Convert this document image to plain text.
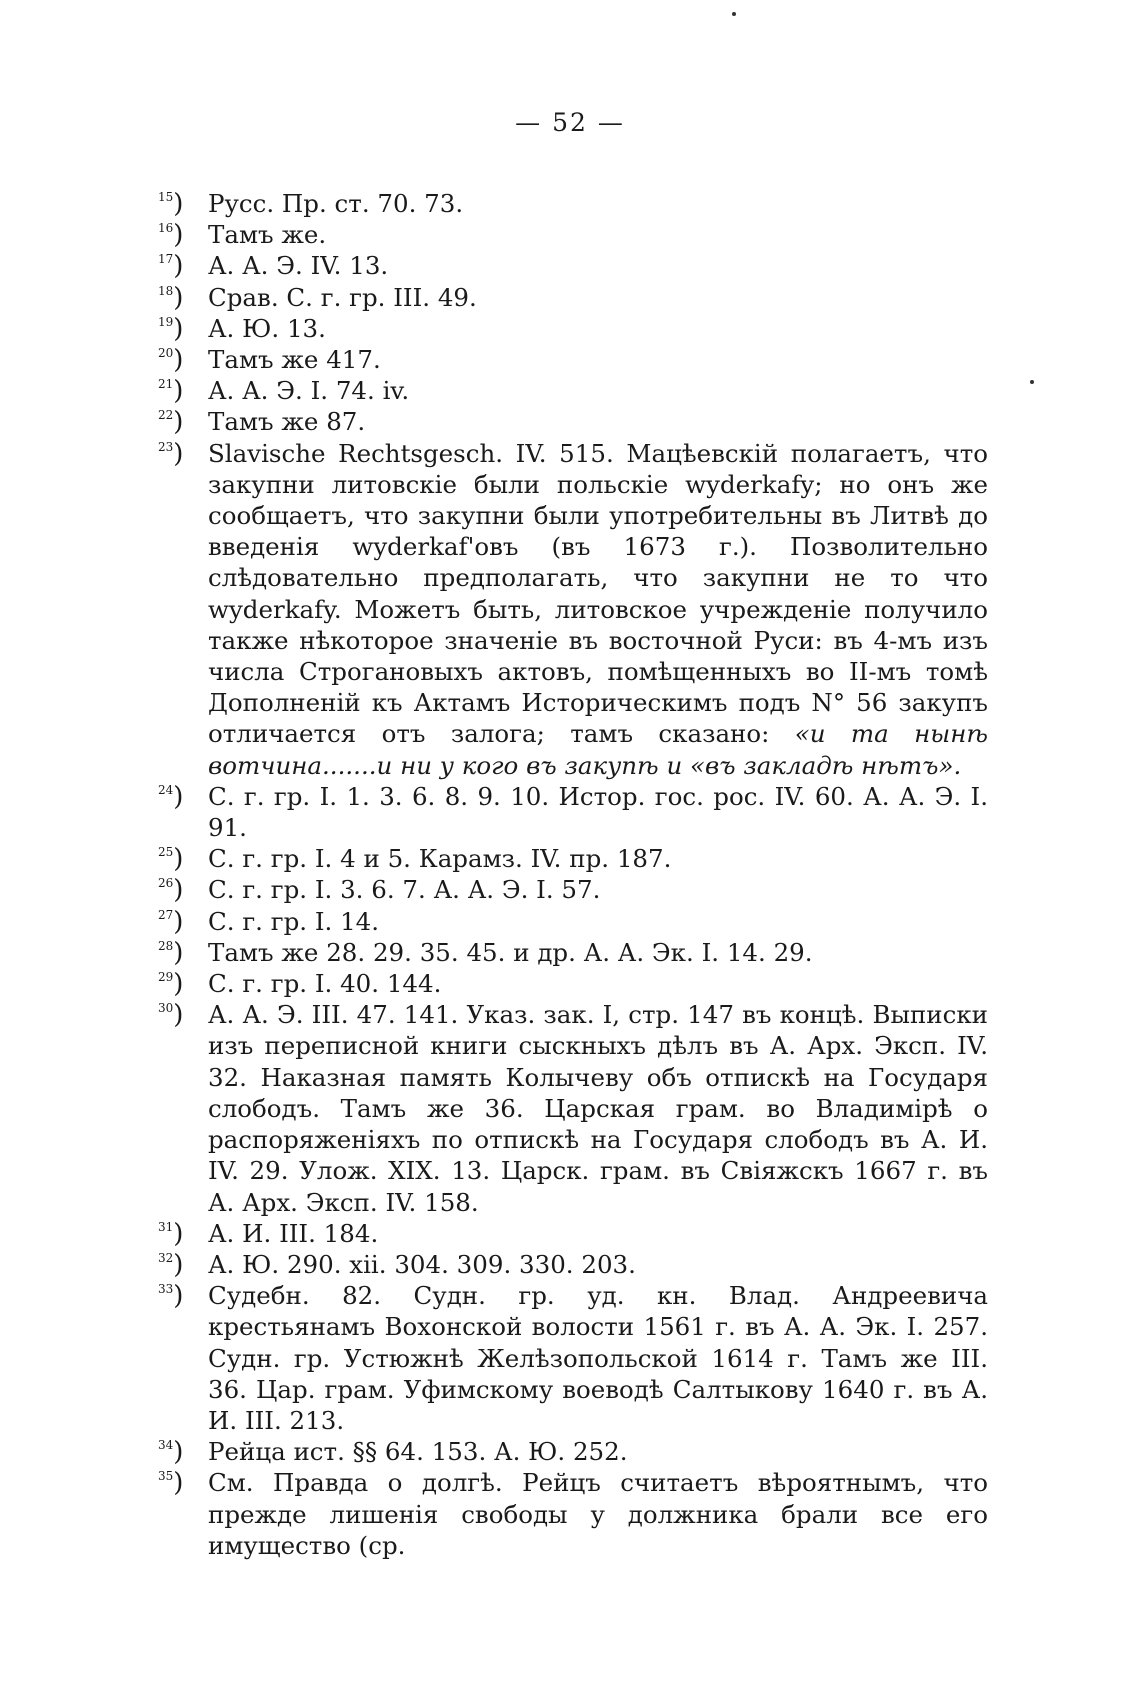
— 52 —
$^{15}$) Русс. Пр. ст. 70. 73.
$^{16}$) Тамъ же.
$^{17}$) А. А. Э. IV. 13.
$^{18}$) Срав. С. г. гр. III. 49.
$^{19}$) А. Ю. 13.
$^{20}$) Тамъ же 417.
$^{21}$) А. А. Э. I. 74. iv.
$^{22}$) Тамъ же 87.
$^{23}$) Slavische Rechtsgesch. IV. 515. Мацѣевскій полагаетъ, что закупни литовскіе были польскіе wyderkafy; но онъ же сообщаетъ, что закупни были употребительны въ Литвѣ до введенія wyderkaf'овъ (въ 1673 г.). Позволительно слѣдовательно предполагать, что закупни не то что wyderkafy. Можетъ быть, литовское учрежденіе получило также нѣкоторое значеніе въ восточной Руси: въ 4-мъ изъ числа Строгановыхъ актовъ, помѣщенныхъ во II-мъ томѣ Дополненій къ Актамъ Историческимъ подъ N° 56 закупъ отличается отъ залога; тамъ сказано: «и та нынѣ вотчина.......и ни у кого въ закупѣ и «въ закладѣ нѣтъ».
$^{24}$) С. г. гр. I. 1. 3. 6. 8. 9. 10. Истор. гос. рос. IV. 60. А. А. Э. I. 91.
$^{25}$) С. г. гр. I. 4 и 5. Карамз. IV. пр. 187.
$^{26}$) С. г. гр. I. 3. 6. 7. А. А. Э. I. 57.
$^{27}$) С. г. гр. I. 14.
$^{28}$) Тамъ же 28. 29. 35. 45. и др. А. А. Эк. I. 14. 29.
$^{29}$) С. г. гр. I. 40. 144.
$^{30}$) А. А. Э. III. 47. 141. Указ. зак. I, стр. 147 въ концѣ. Выписки изъ переписной книги сыскныхъ дѣлъ въ А. Арх. Эксп. IV. 32. Наказная память Колычеву объ отпискѣ на Государя слободъ. Тамъ же 36. Царская грам. во Владимірѣ о распоряженіяхъ по отпискѣ на Государя слободъ въ А. И. IV. 29. Улож. XIX. 13. Царск. грам. въ Свіяжскъ 1667 г. въ А. Арх. Эксп. IV. 158.
$^{31}$) А. И. III. 184.
$^{32}$) А. Ю. 290. xii. 304. 309. 330. 203.
$^{33}$) Судебн. 82. Судн. гр. уд. кн. Влад. Андреевича крестьянамъ Вохонской волости 1561 г. въ А. А. Эк. I. 257. Судн. гр. Устюжнѣ Желѣзопольской 1614 г. Тамъ же III. 36. Цар. грам. Уфимскому воеводѣ Салтыкову 1640 г. въ А. И. III. 213.
$^{34}$) Рейца ист. §§ 64. 153. А. Ю. 252.
$^{35}$) См. Правда о долгѣ. Рейцъ считаетъ вѣроятнымъ, что прежде лишенія свободы у должника брали все его имущество (ср.
